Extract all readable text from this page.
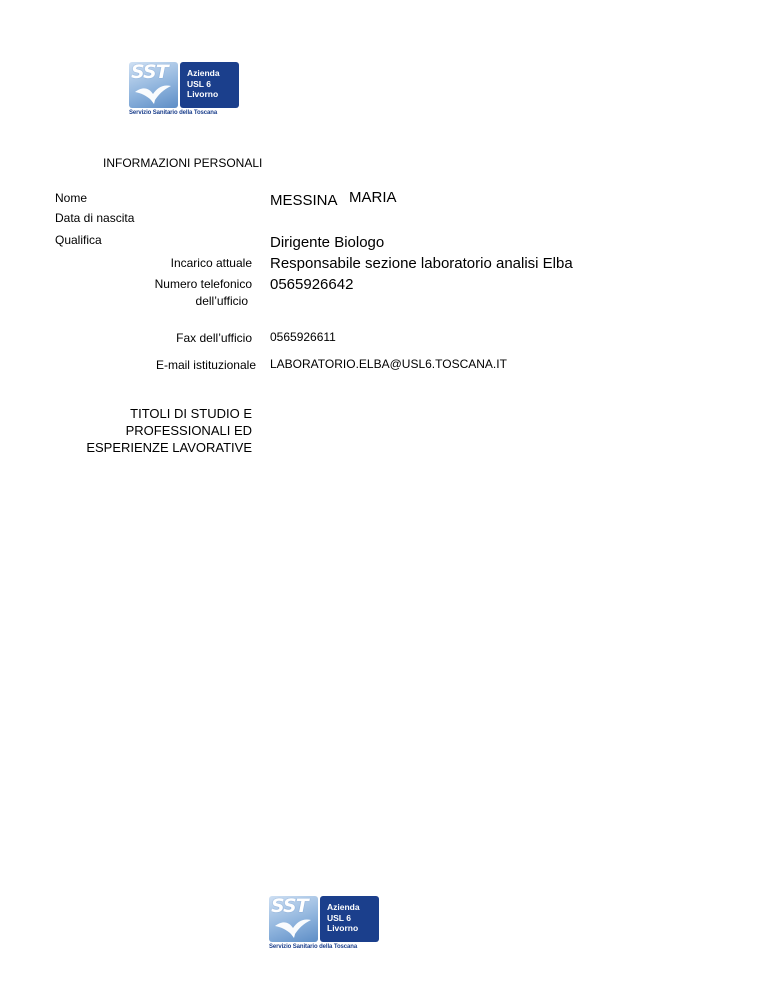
SST Azienda
USL 6
Livorno
Servizio Sanitario della Toscana
INFORMAZIONI PERSONALI
Nome
Data di nascita
Qualifica
Incarico attuale
Numero telefonico
dell’ufficio
Fax dell’ufficio
E-mail istituzionale
MESSINA MARIA
Dirigente Biologo
Responsabile sezione laboratorio analisi Elba
0565926642
0565926611
LABORATORIO.ELBA@USL6.TOSCANA.IT
TITOLI DI STUDIO E
PROFESSIONALI ED
ESPERIENZE LAVORATIVE
SST Azienda
USL 6
Livorno
Servizio Sanitario della Toscana
